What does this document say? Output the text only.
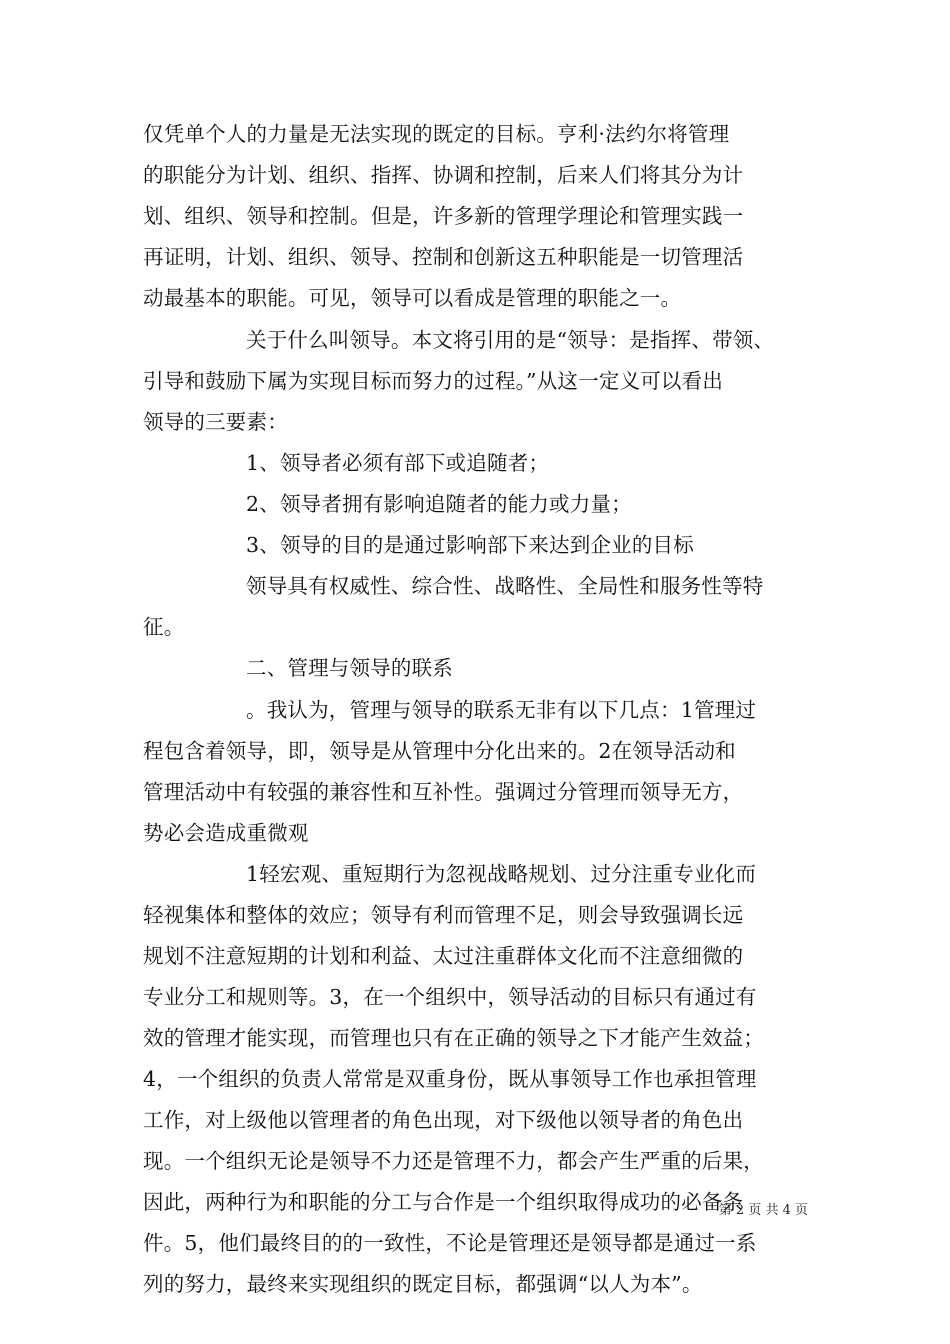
仅凭单个人的力量是无法实现的既定的目标。亨利·法约尔将管理
的职能分为计划、组织、指挥、协调和控制，后来人们将其分为计
划、组织、领导和控制。但是，许多新的管理学理论和管理实践一
再证明，计划、组织、领导、控制和创新这五种职能是一切管理活
动最基本的职能。可见，领导可以看成是管理的职能之一。
关于什么叫领导。本文将引用的是“领导：是指挥、带领、
引导和鼓励下属为实现目标而努力的过程。”从这一定义可以看出
领导的三要素：
1、领导者必须有部下或追随者；
2、领导者拥有影响追随者的能力或力量；
3、领导的目的是通过影响部下来达到企业的目标
领导具有权威性、综合性、战略性、全局性和服务性等特
征。
二、管理与领导的联系
。我认为，管理与领导的联系无非有以下几点：1管理过
程包含着领导，即，领导是从管理中分化出来的。2在领导活动和
管理活动中有较强的兼容性和互补性。强调过分管理而领导无方，
势必会造成重微观
1轻宏观、重短期行为忽视战略规划、过分注重专业化而
轻视集体和整体的效应；领导有利而管理不足，则会导致强调长远
规划不注意短期的计划和利益、太过注重群体文化而不注意细微的
专业分工和规则等。3，在一个组织中，领导活动的目标只有通过有
效的管理才能实现，而管理也只有在正确的领导之下才能产生效益；
4，一个组织的负责人常常是双重身份，既从事领导工作也承担管理
工作，对上级他以管理者的角色出现，对下级他以领导者的角色出
现。一个组织无论是领导不力还是管理不力，都会产生严重的后果，
因此，两种行为和职能的分工与合作是一个组织取得成功的必备条
件。5，他们最终目的的一致性，不论是管理还是领导都是通过一系
列的努力，最终来实现组织的既定目标，都强调“以人为本”。
第 2 页 共 4 页
